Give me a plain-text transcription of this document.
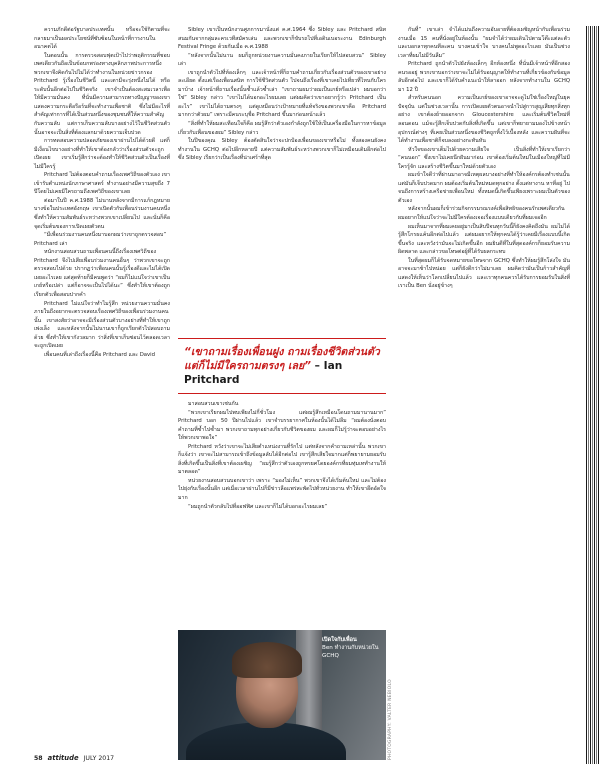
ความภักดีต่อรัฐบาลประเทศนั้น หรือจะใช้กิตามที่จะกลายมาเป็นผลประโยชน์ที่ซับซ้อนในหน้าที่การงานในอนาคตได้

ในตอนนั้น การตรวจสอบฟุตเป้าไปว่าพฤติกรรมที่ชอบเพศเดียวกันถือเป็นข้อบกพร่องทางบุคลิกภาพประการหนึ่ง พวกเขาจึงคิดกันไปไม่ได้ว่าทำงานในหน่วยข่าวกรอง Pritchard รู้เรื่องในชีวิตนี้ และเตามีจะรุ่งหนึ่งไม่ได้ หรือระดับนั้นอีกต่อไปในชีวิตจริง เขาจำเป็นต้องสะสมเวลาเพื่อให้มีความมั่นคง ที่นั่นมีความสามารถทางปัญญาของเขาแสดงความกระตือรือร้นที่จะทำงานเพื่อชาติ ซึ่งไม่มีอะไรที่สำคัญเท่าการที่ได้เป็นส่วนหนึ่งของชุมชนที่ให้ความสำคัญกับความลับ แต่การเก็บความลับบางอย่างไว้ในชีวิตส่วนตัวนั้นอาจจะเป็นสิ่งที่ต้องแลกมาด้วยความเจ็บปวด

การทดสอบความปลอดภัยของเขาผ่านไปได้ด้วยดี แต่ก็มีเงื่อนไขบางอย่างที่ทำให้เขาต้องกลัวว่าเรื่องส่วนตัวจะถูกเปิดเผย เขาเริ่มรู้สึกว่าจะต้องทำให้ชีวิตส่วนตัวเป็นเรื่องที่ไม่มีใครรู้

Pritchard ไม่ต้องตอบคำถามเรื่องเพศวิถีของตัวเอง เขาเข้ารับตำแหน่งนักภาษาศาสตร์ ทำงานอย่างมีความสุขถึง 7 ปีโดยไม่เคยมีใครถามถึงเพศวิถีของเขาเลย

ต่อมาในปี ค.ศ.1988 ไม่นานหลังจากมีการแก้กฎหมายบางข้อในประเทศอังกฤษ เขาเปิดตัวกับเพื่อนร่วมงานคนหนึ่งซึ่งทำให้ความสัมพันธ์ระหว่างพวกเขาเปลี่ยนไป และนั่นก็คือจุดเริ่มต้นของการเปิดเผยตัวตน

“มีเพื่อนร่วมงานคนหนึ่งมาบอกผมว่าเขาถูกตรวจสอบ” Pritchard เล่า

หนักงานสอบสวนถามเพื่อนคนนี้ถึงเรื่องเพศวิถีของ Pritchard จึงไปเสียเพื่อนร่วมงานคนอื่นๆ ว่าพวกเขาจะถูกตรวจสอบไปด้วย ปรากฏว่าเพื่อนคนนั้นรู้เรื่องดีและไม่ได้เปิดเผยอะไรเลย แต่สุดท้ายก็มีคนพูดว่า “ผมก็ไม่แน่ใจว่าเขาเป็นเกย์หรือเปล่า แต่ก็อาจจะเป็นไปได้นะ” ซึ่งทำให้เขาต้องถูกเรียกตัวเพื่อสอบปากคำ

Pritchard ไม่แน่ใจว่าทำไมรู้สึก หน่วยงานความมั่นคงภายในถึงอยากจะตรวจสอบเรื่องเพศวิถีของเพื่อนร่วมงานคนนั้น เขาสงสัยว่าอาจจะมีเรื่องส่วนตัวบางอย่างที่ทำให้เขาถูกเพ่งเล็ง และหลังจากนั้นไม่นานเขาก็ถูกเรียกตัวไปสอบถามด้วย ซึ่งทำให้เขากังวลมาก ว่าสิ่งที่เขาเก็บซ่อนไว้ตลอดเวลาจะถูกเปิดเผย

เพื่อนคนที่เล่าถึงเรื่องนี้คือ Pritchard และ David

Sibley เขาเป็นหนักงานศูภการมานั่งแต่ ค.ศ.1964 ซึ่ง Sibley และ Pritchard สนิทสนมกันจากกลุ่มละครเวทีสมัครเล่น และพวกเขาก็ขับรถไปที่เอดินเบอระงาน Edinburgh Festival Fringe ด้วยกันเมื่อ ค.ศ.1988

“หลังจากนั้นไม่นาน ผมก็ถูกหน่วยงานความมั่นคงภายในเรียกให้ไปสอบสวน” Sibley เล่า

เขาถูกนำตัวไปที่ห้องเล็กๆ และเจ้าหน้าที่ก็ถามคำถามเกี่ยวกับเรื่องส่วนตัวของเขาอย่างละเอียด ตั้งแต่เรื่องเพื่อนสนิท การใช้ชีวิตส่วนตัว ไปจนถึงเรื่องที่เขาเคยไปเที่ยวที่ไหนกับใครมาบ้าง เจ้าหน้าที่ถามเรื่องนั้นซ้ำแล้วซ้ำเล่า “เขาถามผมว่าผมเป็นเกย์หรือเปล่า ผมบอกว่าใช่” Sibley กล่าว “เขาไม่ได้บอกอะไรผมเลย แต่ผมคิดว่าเขาอยากรู้ว่า Pritchard เป็นอะไร” เขาไม่ได้ถามตรงๆ แต่ดูเหมือนว่าเป้าหมายที่แท้จริงของพวกเขาคือ Pritchard มากกว่าตัวผม” เพราะมีคนระบุชื่อ Pritchard ขึ้นมาก่อนหน้าแล้ว

“สิ่งที่ทำให้ผมสะเทือนใจก็คือ ผมรู้สึกว่าตัวเองกำลังถูกใช้ให้เป็นเครื่องมือในการหาข้อมูลเกี่ยวกับเพื่อนของผม” Sibley กล่าว

ในปีของคุณ Sibley ต้องตัดสินใจว่าจะปกป้องเพื่อนของเขาหรือไม่ ทั้งสองคนยังคงทำงานใน GCHQ ต่อไปอีกหลายปี แต่ความสัมพันธ์ระหว่างพวกเขาก็ไม่เหมือนเดิมอีกต่อไป ซึ่ง Sibley เรียกว่าเป็นเรื่องที่น่าเศร้าที่สุด

“เขาถามเรื่องเพื่อนฝูง ถามเรื่องชีวิตส่วนตัว แต่ก็ไม่มีใครถามตรงๆ เลย” – Ian Pritchard

มาสอบสวนเขาเช่นกัน

“พวกเขาเรียกผมไปพบเพียงไม่กี่ชั่วโมง แต่ผมรู้สึกเหมือนโดนถามมานานมาก” Pritchard บอก 50 ปีผ่านไปแล้ว เขาจำบรรยากาศในห้องนั้นได้ไม่ลืม “ผมต้องนั่งตอบคำถามที่ซ้ำไปซ้ำมา พวกเขาถามทุกอย่างเกี่ยวกับชีวิตของผม และผมก็ไม่รู้ว่าจะตอบอย่างไรให้พวกเขาพอใจ”

Pritchard หวังว่าเขาจะไม่เสียตำแหน่งงานที่รักไป แต่หลังจากคำถามเหล่านั้น พวกเขาก็แจ้งว่า เขาจะไม่สามารถเข้าถึงข้อมูลลับได้อีกต่อไป เขารู้สึกเสียใจมากแต่ก็พยายามยอมรับ สิ่งที่เกิดขึ้นเป็นสิ่งที่เขาต้องเผชิญ “ผมรู้สึกว่าตัวเองถูกทรยศโดยองค์กรที่ผมทุ่มเททำงานให้มาตลอด”

หน่วยงานสอบสวนบอกเขาว่า เพราะ “มองไม่เห็น” พวกเขาจึงได้เริ่มต้นใหม่ และไม่ต้องไปยุ่งกับเรื่องนั้นอีก แต่เมื่อเวลาผ่านไปก็มีข่าวลือแพร่สะพัดไปทั่วหน่วยงาน ทำให้เขาอึดอัดใจมาก

“ผมถูกนำตัวกลับไปที่ออฟฟิศ และเขาก็ไม่ได้บอกอะไรผมเลย”

เปิดใจกับเพื่อน
Ben ทำงานกับหน่วยใน GCHQ
PHOTOGRAPHY: VALTER NEBIOLO

กันที่” เขาเล่า จำได้แม่นถึงความอับอายที่ต้องเผชิญหน้ากับเพื่อนร่วมงานเมื่อ 15 คนที่นั่งอยู่ในห้องนั้น “ผมจำได้ว่าผมเดินไปตามโต๊ะแต่ละตัวและบอกลาทุกคนทีละคน บางคนเข้าใจ บางคนไม่พูดอะไรเลย มันเป็นช่วงเวลาที่ผมไม่มีวันลืม”

Pritchard ถูกนำตัวไปยังห้องเล็กๆ อีกห้องหนึ่ง ที่นั่นมีเจ้าหน้าที่อีกสองคนรออยู่ พวกเขาบอกว่าเขาจะไม่ได้รับอนุญาตให้ทำงานที่เกี่ยวข้องกับข้อมูลลับอีกต่อไป และเขาก็ได้รับคำแนะนำให้ลาออก หลังจากทำงานใน GCHQ มา 12 ปี

สำหรับคนนอก ความเป็นเกย์ของเขาอาจจะดูไม่ใช่เรื่องใหญ่ในยุคปัจจุบัน แต่ในช่วงเวลานั้น การเปิดเผยตัวตนอาจนำไปสู่การสูญเสียทุกสิ่งทุกอย่าง เขาต้องย้ายออกจาก Gloucestershire และเริ่มต้นชีวิตใหม่ที่ลอนดอน แม้จะรู้สึกเจ็บปวดกับสิ่งที่เกิดขึ้น แต่เขาก็พยายามมองไปข้างหน้า อุปกรณ์ต่างๆ ที่เคยเป็นส่วนหนึ่งของชีวิตถูกทิ้งไว้เบื้องหลัง และความฝันที่จะได้ทำงานเพื่อชาติก็จบลงอย่างกะทันหัน

หัวใจของเขาเต็มไปด้วยความเสียใจ เป็นสิ่งที่ทำให้เขาเรียกว่า “คนนอก” ซึ่งเขาไม่เคยนึกฝันมาก่อน เขาต้องเริ่มต้นใหม่ในเมืองใหญ่ที่ไม่มีใครรู้จัก และสร้างชีวิตขึ้นมาใหม่ด้วยตัวเอง

ผมเข้าใจดีว่าที่ผ่านมาอาจมีเหตุผลบางอย่างที่ทำให้องค์กรต้องทำเช่นนั้น แต่มันก็เจ็บปวดมาก ผมต้องเริ่มต้นใหม่หมดทุกอย่าง ตั้งแต่หางาน หาที่อยู่ ไปจนถึงการสร้างเครือข่ายเพื่อนใหม่ ทั้งหมดนี้เกิดขึ้นเพียงเพราะผมเป็นตัวของตัวเอง

หลังจากนั้นผมก็เข้าร่วมกิจกรรมรณรงค์เพื่อสิทธิของคนรักเพศเดียวกัน ผมอยากให้แน่ใจว่าจะไม่มีใครต้องเจอเรื่องแบบเดียวกับที่ผมเจออีก

ผมเห็นมาจากที่ผมเคยอยู่มาเป็นสิบปีจนทุกวันนี้ก็ยังคงคิดถึงมัน ผมไม่ได้รู้สึกโกรธแค้นอีกต่อไปแล้ว แต่ผมอยากให้ทุกคนได้รู้ว่าเคยมีเรื่องแบบนี้เกิดขึ้นจริง และหวังว่ามันจะไม่เกิดขึ้นอีก ผมยินดีที่ในที่สุดองค์กรก็ยอมรับความผิดพลาด และกล่าวขอโทษต่อผู้ที่ได้รับผลกระทบ

ในที่สุดผมก็ได้รับจดหมายขอโทษจาก GCHQ ซึ่งทำให้ผมรู้สึกโล่งใจ มันอาจจะมาช้าไปหน่อย แต่ก็ยังดีกว่าไม่มาเลย ผมคิดว่ามันเป็นก้าวสำคัญที่แสดงให้เห็นว่าโลกเปลี่ยนไปแล้ว และเราทุกคนควรได้รับการยอมรับในสิ่งที่เราเป็น Ben นั่งอยู่ข้างๆ

58 attitude JULY 2017
